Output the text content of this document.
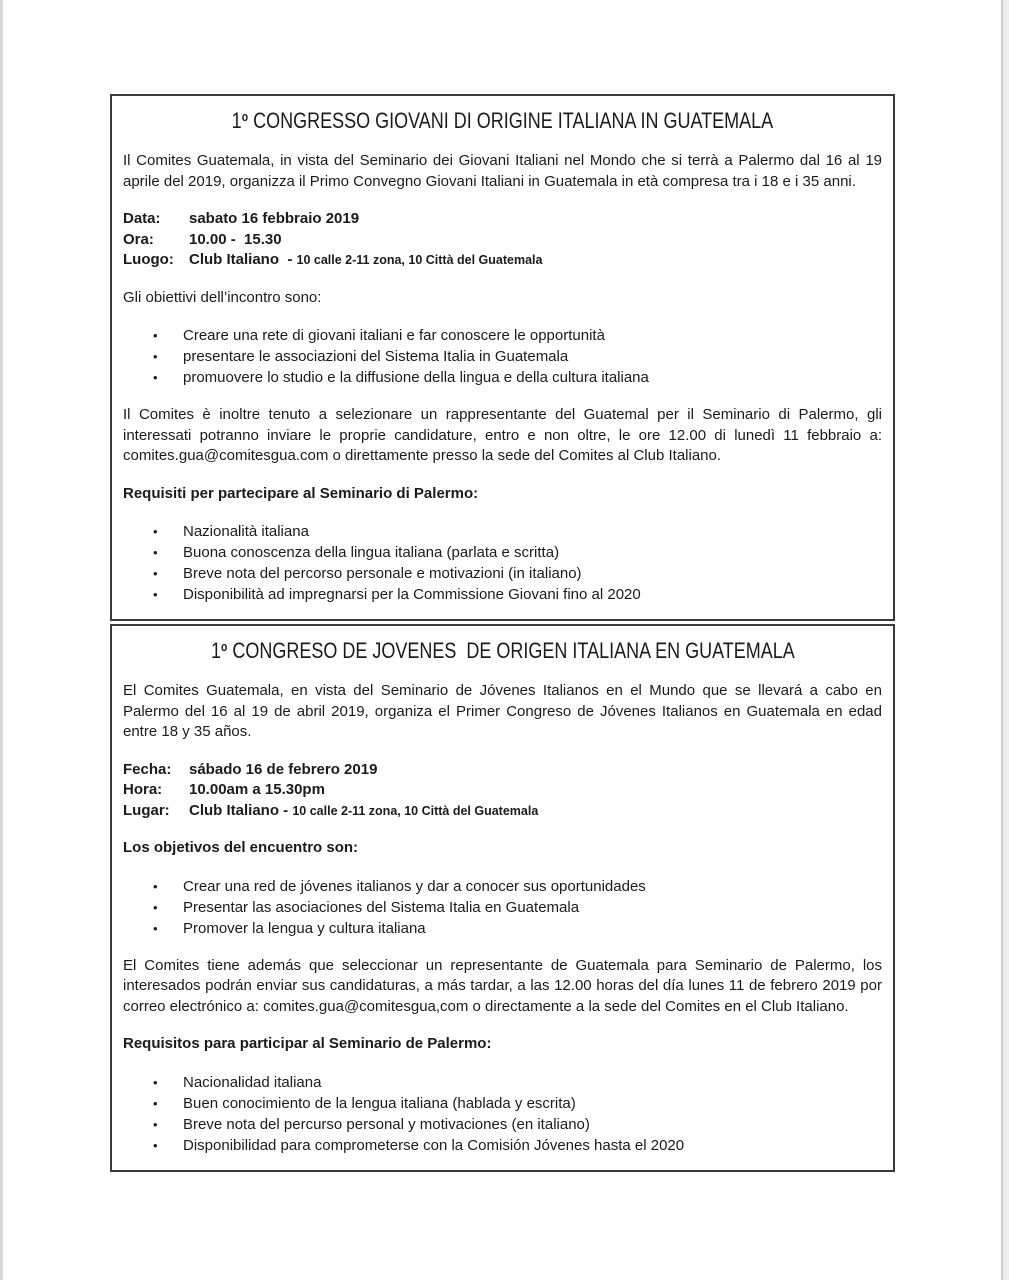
1$^o$ CONGRESSO GIOVANI DI ORIGINE ITALIANA IN GUATEMALA

Il Comites Guatemala, in vista del Seminario dei Giovani Italiani nel Mondo che si terrà a Palermo dal 16 al 19 aprile del 2019, organizza il Primo Convegno Giovani Italiani in Guatemala in età compresa tra i 18 e i 35 anni.

Data: sabato 16 febbraio 2019
Ora: 10.00 -  15.30
Luogo: Club Italiano  - 10 calle 2-11 zona, 10 Città del Guatemala

Gli obiettivi dell’incontro sono:

•	Creare una rete di giovani italiani e far conoscere le opportunità
•	presentare le associazioni del Sistema Italia in Guatemala
•	promuovere lo studio e la diffusione della lingua e della cultura italiana

Il Comites è inoltre tenuto a selezionare un rappresentante del Guatemal per il Seminario di Palermo, gli interessati potranno inviare le proprie candidature, entro e non oltre, le ore 12.00 di lunedì 11 febbraio a: comites.gua@comitesgua.com o direttamente presso la sede del Comites al Club Italiano.

Requisiti per partecipare al Seminario di Palermo:

•	Nazionalità italiana
•	Buona conoscenza della lingua italiana (parlata e scritta)
•	Breve nota del percorso personale e motivazioni (in italiano)
•	Disponibilità ad impregnarsi per la Commissione Giovani fino al 2020
1$^o$ CONGRESO DE JOVENES  DE ORIGEN ITALIANA EN GUATEMALA

El Comites Guatemala, en vista del Seminario de Jóvenes Italianos en el Mundo que se llevará a cabo en Palermo del 16 al 19 de abril 2019, organiza el Primer Congreso de Jóvenes Italianos en Guatemala en edad entre 18 y 35 años.

Fecha: sábado 16 de febrero 2019
Hora: 10.00am a 15.30pm
Lugar: Club Italiano - 10 calle 2-11 zona, 10 Città del Guatemala

Los objetivos del encuentro son:

•	Crear una red de jóvenes italianos y dar a conocer sus oportunidades
•	Presentar las asociaciones del Sistema Italia en Guatemala
•	Promover la lengua y cultura italiana

El Comites tiene además que seleccionar un representante de Guatemala para Seminario de Palermo, los interesados podrán enviar sus candidaturas, a más tardar, a las 12.00 horas del día lunes 11 de febrero 2019 por correo electrónico a: comites.gua@comitesgua,com o directamente a la sede del Comites en el Club Italiano.

Requisitos para participar al Seminario de Palermo:

•	Nacionalidad italiana
•	Buen conocimiento de la lengua italiana (hablada y escrita)
•	Breve nota del percurso personal y motivaciones (en italiano)
•	Disponibilidad para comprometerse con la Comisión Jóvenes hasta el 2020
